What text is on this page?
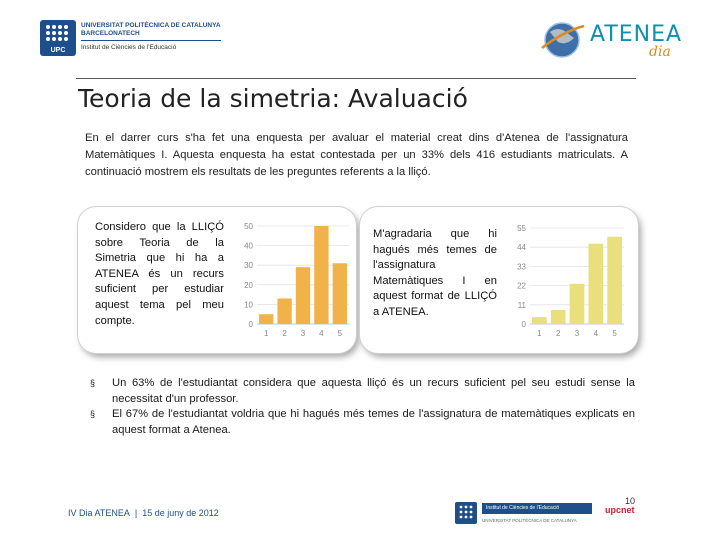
UPC
UNIVERSITAT POLITÈCNICA DE CATALUNYA
BARCELONATECH
Institut de Ciències de l'Educació
ATENEA
dia
Teoria de la simetria: Avaluació
En el darrer curs s'ha fet una enquesta per avaluar el material creat dins d'Atenea de l'assignatura Matemàtiques I. Aquesta enquesta ha estat contestada per un 33% dels 416 estudiants matriculats. A continuació mostrem els resultats de les preguntes referents a la lliçó.
Considero que la LLIÇÓ sobre Teoria de la Simetria que hi ha a ATENEA és un recurs suficient per estudiar aquest tema pel meu compte.
M'agradaria que hi hagués més temes de l'assignatura Matemàtiques I en aquest format de LLIÇÓ a ATENEA.
0
10
20
30
40
50
1 2 3 4 5
0
11
22
33
44
55
1 2 3 4 5
§ Un 63% de l'estudiantat considera que aquesta lliçó és un recurs suficient pel seu estudi sense la necessitat d'un professor.
§ El 67% de l'estudiantat voldria que hi hagués més temes de l'assignatura de matemàtiques explicats en aquest format a Atenea.
IV Dia ATENEA | 15 de juny de 2012
10
Institut de Ciències de l'Educació
UNIVERSITAT POLITÈCNICA DE CATALUNYA
upcnet
